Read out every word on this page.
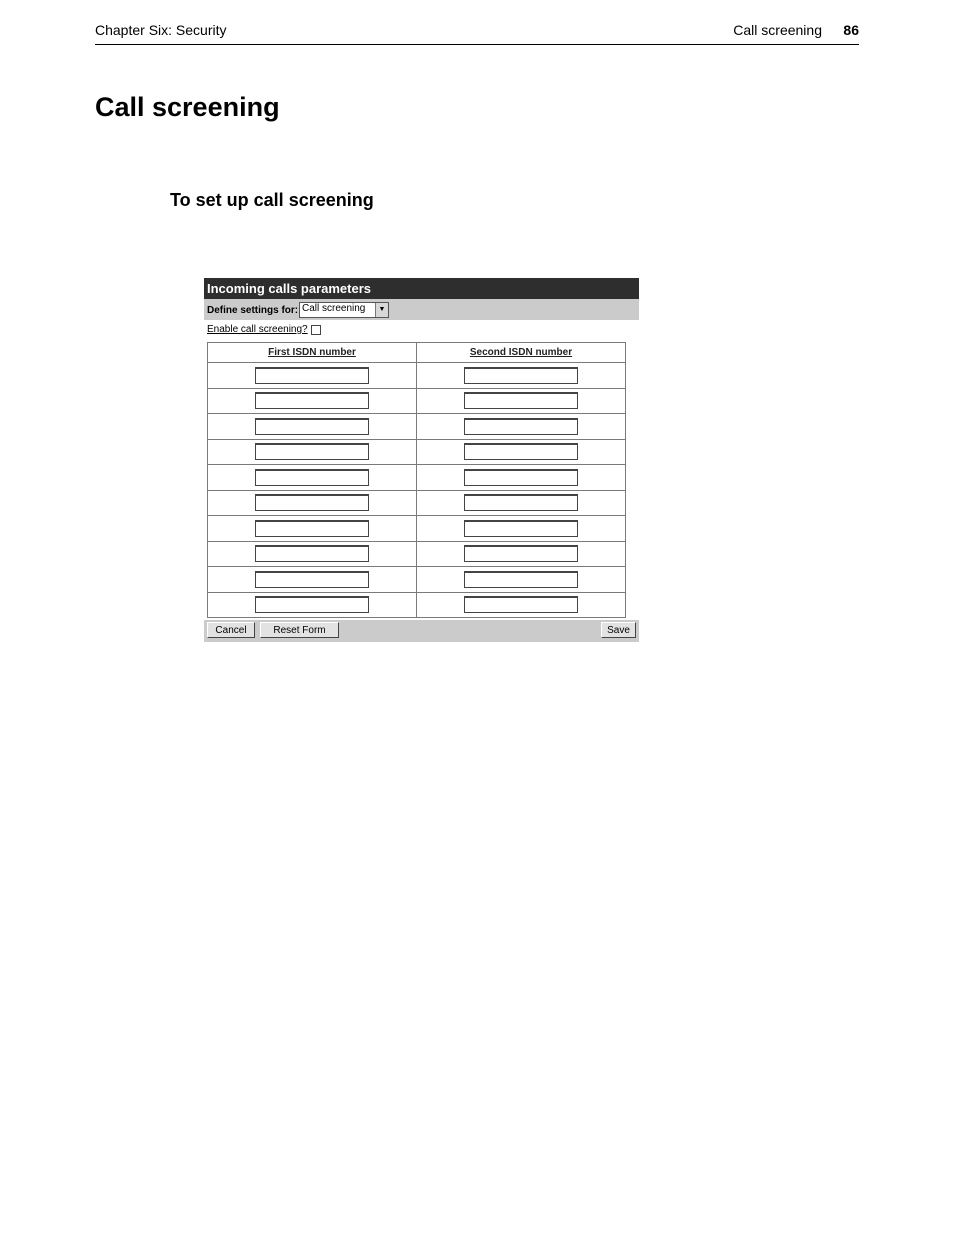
Chapter Six: Security	Call screening 86
Call screening
To set up call screening
Incoming calls parameters
Define settings for: Call screening	▼
Enable call screening?
First ISDN number	Second ISDN number

Cancel	Reset Form	Save
